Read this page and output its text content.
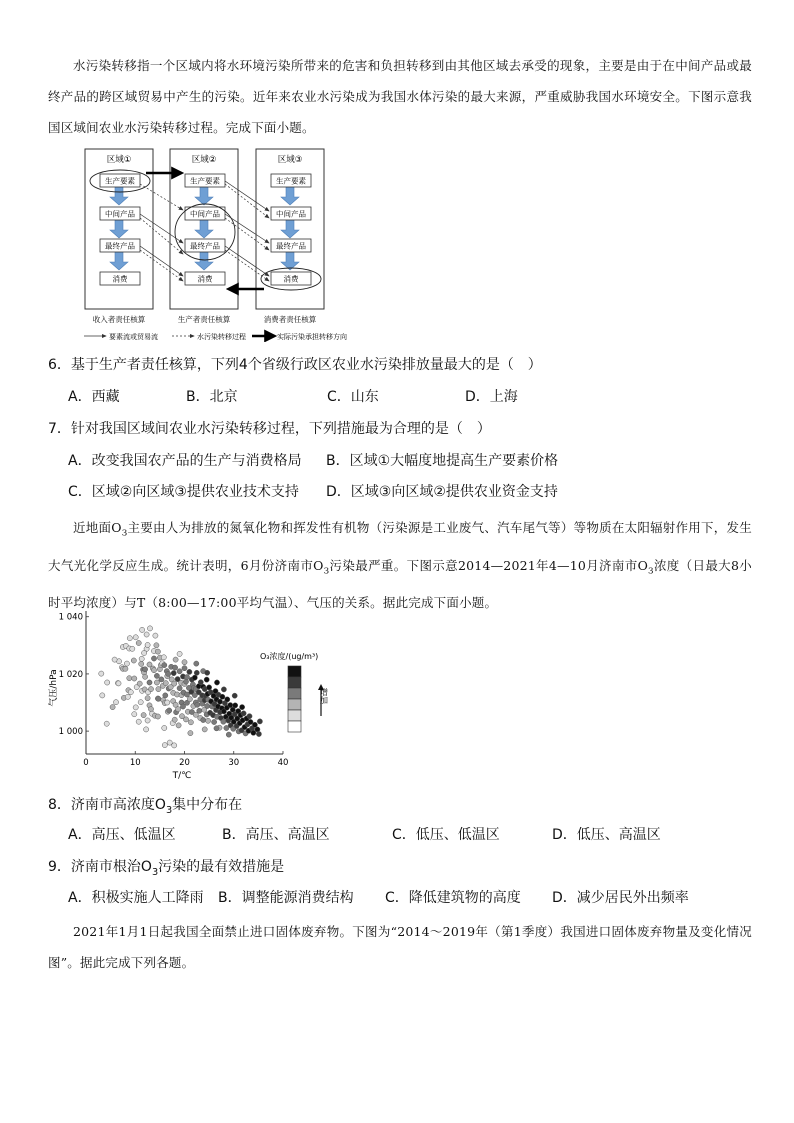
水污染转移指一个区域内将水环境污染所带来的危害和负担转移到由其他区域去承受的现象，主要是由于在中间产品或最终产品的跨区域贸易中产生的污染。近年来农业水污染成为我国水体污染的最大来源，严重威胁我国水环境安全。下图示意我国区域间农业水污染转移过程。完成下面小题。
区域①	区域②	区域③
生产要素
中间产品
最终产品
消费
生产要素
中间产品
最终产品
消费
生产要素
中间产品
最终产品
消费
收入者责任核算	生产者责任核算	消费者责任核算
要素流或贸易流	水污染转移过程	实际污染承担转移方向
6．基于生产者责任核算，下列4个省级行政区农业水污染排放量最大的是（　）
A．西藏	B．北京	C．山东	D．上海
7．针对我国区域间农业水污染转移过程，下列措施最为合理的是（　）
A．改变我国农产品的生产与消费格局 B．区域①大幅度地提高生产要素价格
C．区域②向区域③提供农业技术支持 D．区域③向区域②提供农业资金支持
近地面$O_3$主要由人为排放的氮氧化物和挥发性有机物（污染源是工业废气、汽车尾气等）等物质在太阳辐射作用下，发生大气光化学反应生成。统计表明，6月份济南市$O_3$污染最严重。下图示意2014—2021年4—10月济南市$O_3$浓度（日最大8小时平均浓度）与T（8:00—17:00平均气温）、气压的关系。据此完成下面小题。
0	10	20	30	40
1 000
1 020
1 040
气压/hPa
T/℃
O₃浓度/(ug/m³)
增加
8．济南市高浓度$O_3$集中分布在
A．高压、低温区	B．高压、高温区	C．低压、低温区	D．低压、高温区
9．济南市根治$O_3$污染的最有效措施是
A．积极实施人工降雨 B．调整能源消费结构 C．降低建筑物的高度 D．减少居民外出频率
2021年1月1日起我国全面禁止进口固体废弃物。下图为“2014～2019年（第1季度）我国进口固体废弃物量及变化情况图”。据此完成下列各题。
